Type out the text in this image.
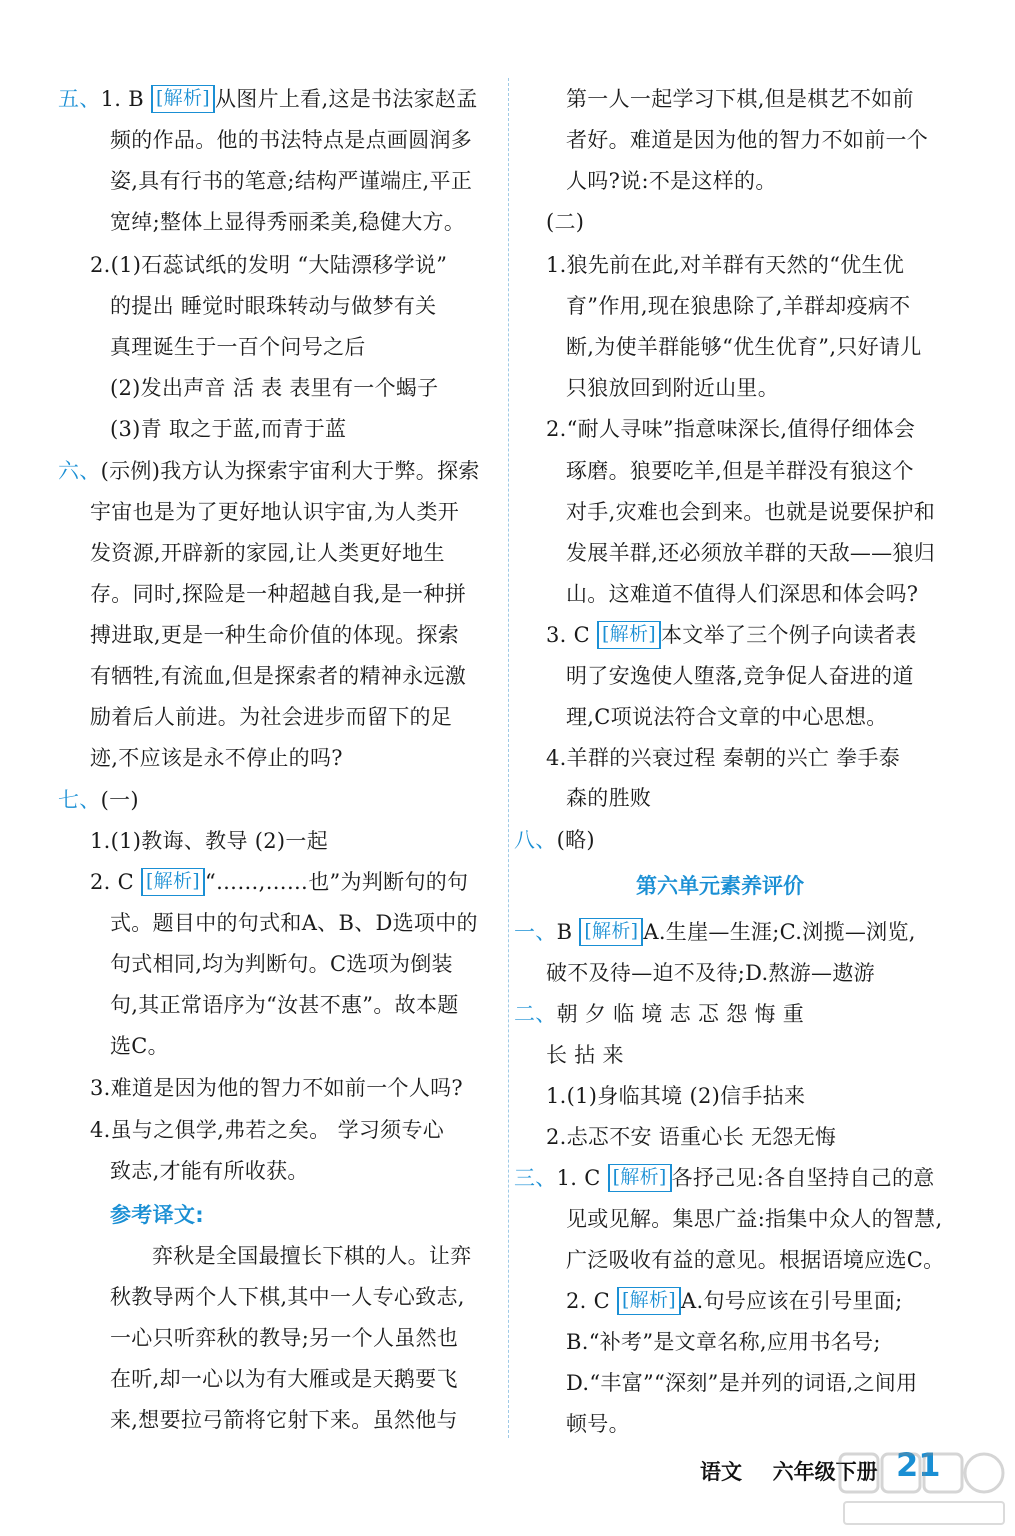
五、1. B [解析] 从图片上看,这是书法家赵孟
频的作品。他的书法特点是点画圆润多
姿,具有行书的笔意;结构严谨端庄,平正
宽绰;整体上显得秀丽柔美,稳健大方。
2.(1)石蕊试纸的发明 “大陆漂移学说”
的提出 睡觉时眼珠转动与做梦有关
真理诞生于一百个问号之后
(2)发出声音 活 表 表里有一个蝎子
(3)青 取之于蓝,而青于蓝
六、(示例)我方认为探索宇宙利大于弊。探索
宇宙也是为了更好地认识宇宙,为人类开
发资源,开辟新的家园,让人类更好地生
存。同时,探险是一种超越自我,是一种拼
搏进取,更是一种生命价值的体现。探索
有牺牲,有流血,但是探索者的精神永远激
励着后人前进。为社会进步而留下的足
迹,不应该是永不停止的吗?
七、(一)
1.(1)教诲、教导 (2)一起
2. C [解析] “……,……也”为判断句的句
式。题目中的句式和A、B、D选项中的
句式相同,均为判断句。C选项为倒装
句,其正常语序为“汝甚不惠”。故本题
选C。
3.难道是因为他的智力不如前一个人吗?
4.虽与之俱学,弗若之矣。 学习须专心
致志,才能有所收获。
参考译文:
弈秋是全国最擅长下棋的人。让弈
秋教导两个人下棋,其中一人专心致志,
一心只听弈秋的教导;另一个人虽然也
在听,却一心以为有大雁或是天鹅要飞
来,想要拉弓箭将它射下来。虽然他与
第一人一起学习下棋,但是棋艺不如前
者好。难道是因为他的智力不如前一个
人吗?说:不是这样的。
(二)
1.狼先前在此,对羊群有天然的“优生优
育”作用,现在狼患除了,羊群却疫病不
断,为使羊群能够“优生优育”,只好请儿
只狼放回到附近山里。
2.“耐人寻味”指意味深长,值得仔细体会
琢磨。狼要吃羊,但是羊群没有狼这个
对手,灾难也会到来。也就是说要保护和
发展羊群,还必须放羊群的天敌——狼归
山。这难道不值得人们深思和体会吗?
3. C [解析] 本文举了三个例子向读者表
明了安逸使人堕落,竞争促人奋进的道
理,C项说法符合文章的中心思想。
4.羊群的兴衰过程 秦朝的兴亡 拳手泰
森的胜败
八、(略)
第六单元素养评价
一、B [解析] A.生崖—生涯;C.浏揽—浏览,
破不及待—迫不及待;D.熬游—遨游
二、朝 夕 临 境 志 忑 怨 悔 重
长 拈 来
1.(1)身临其境 (2)信手拈来
2.忐忑不安 语重心长 无怨无悔
三、1. C [解析] 各抒己见:各自坚持自己的意
见或见解。集思广益:指集中众人的智慧,
广泛吸收有益的意见。根据语境应选C。
2. C [解析] A.句号应该在引号里面;
B.“补考”是文章名称,应用书名号;
D.“丰富”“深刻”是并列的词语,之间用
顿号。
语文 六年级下册 21
